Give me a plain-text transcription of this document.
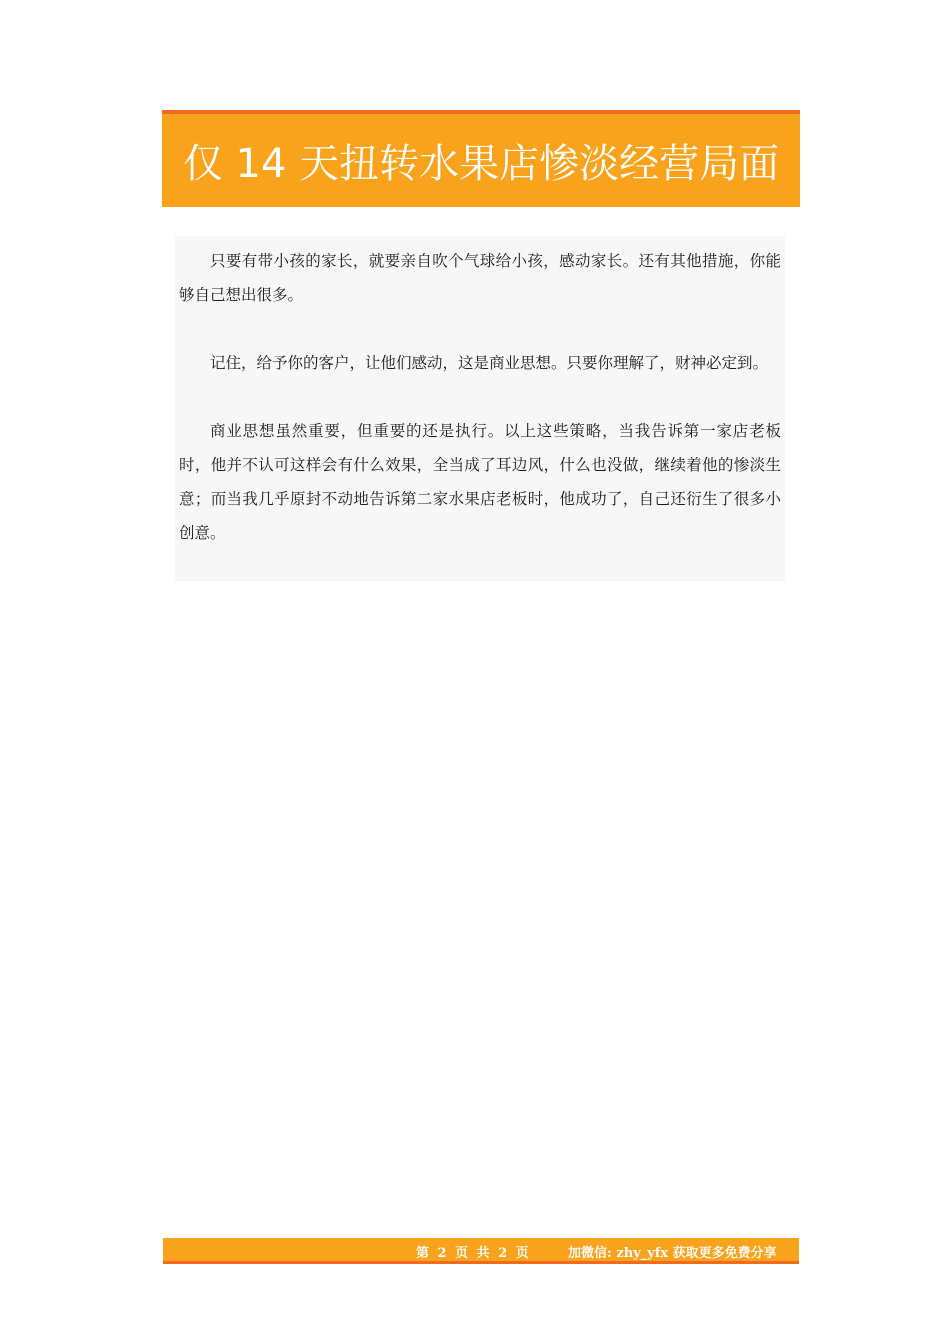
仅 14 天扭转水果店惨淡经营局面

只要有带小孩的家长，就要亲自吹个气球给小孩，感动家长。还有其他措施，你能够自己想出很多。

记住，给予你的客户，让他们感动，这是商业思想。只要你理解了，财神必定到。

商业思想虽然重要，但重要的还是执行。以上这些策略，当我告诉第一家店老板时，他并不认可这样会有什么效果，全当成了耳边风，什么也没做，继续着他的惨淡生意；而当我几乎原封不动地告诉第二家水果店老板时，他成功了，自己还衍生了很多小创意。

第 2 页 共 2 页	加微信: zhy_yfx 获取更多免费分享
